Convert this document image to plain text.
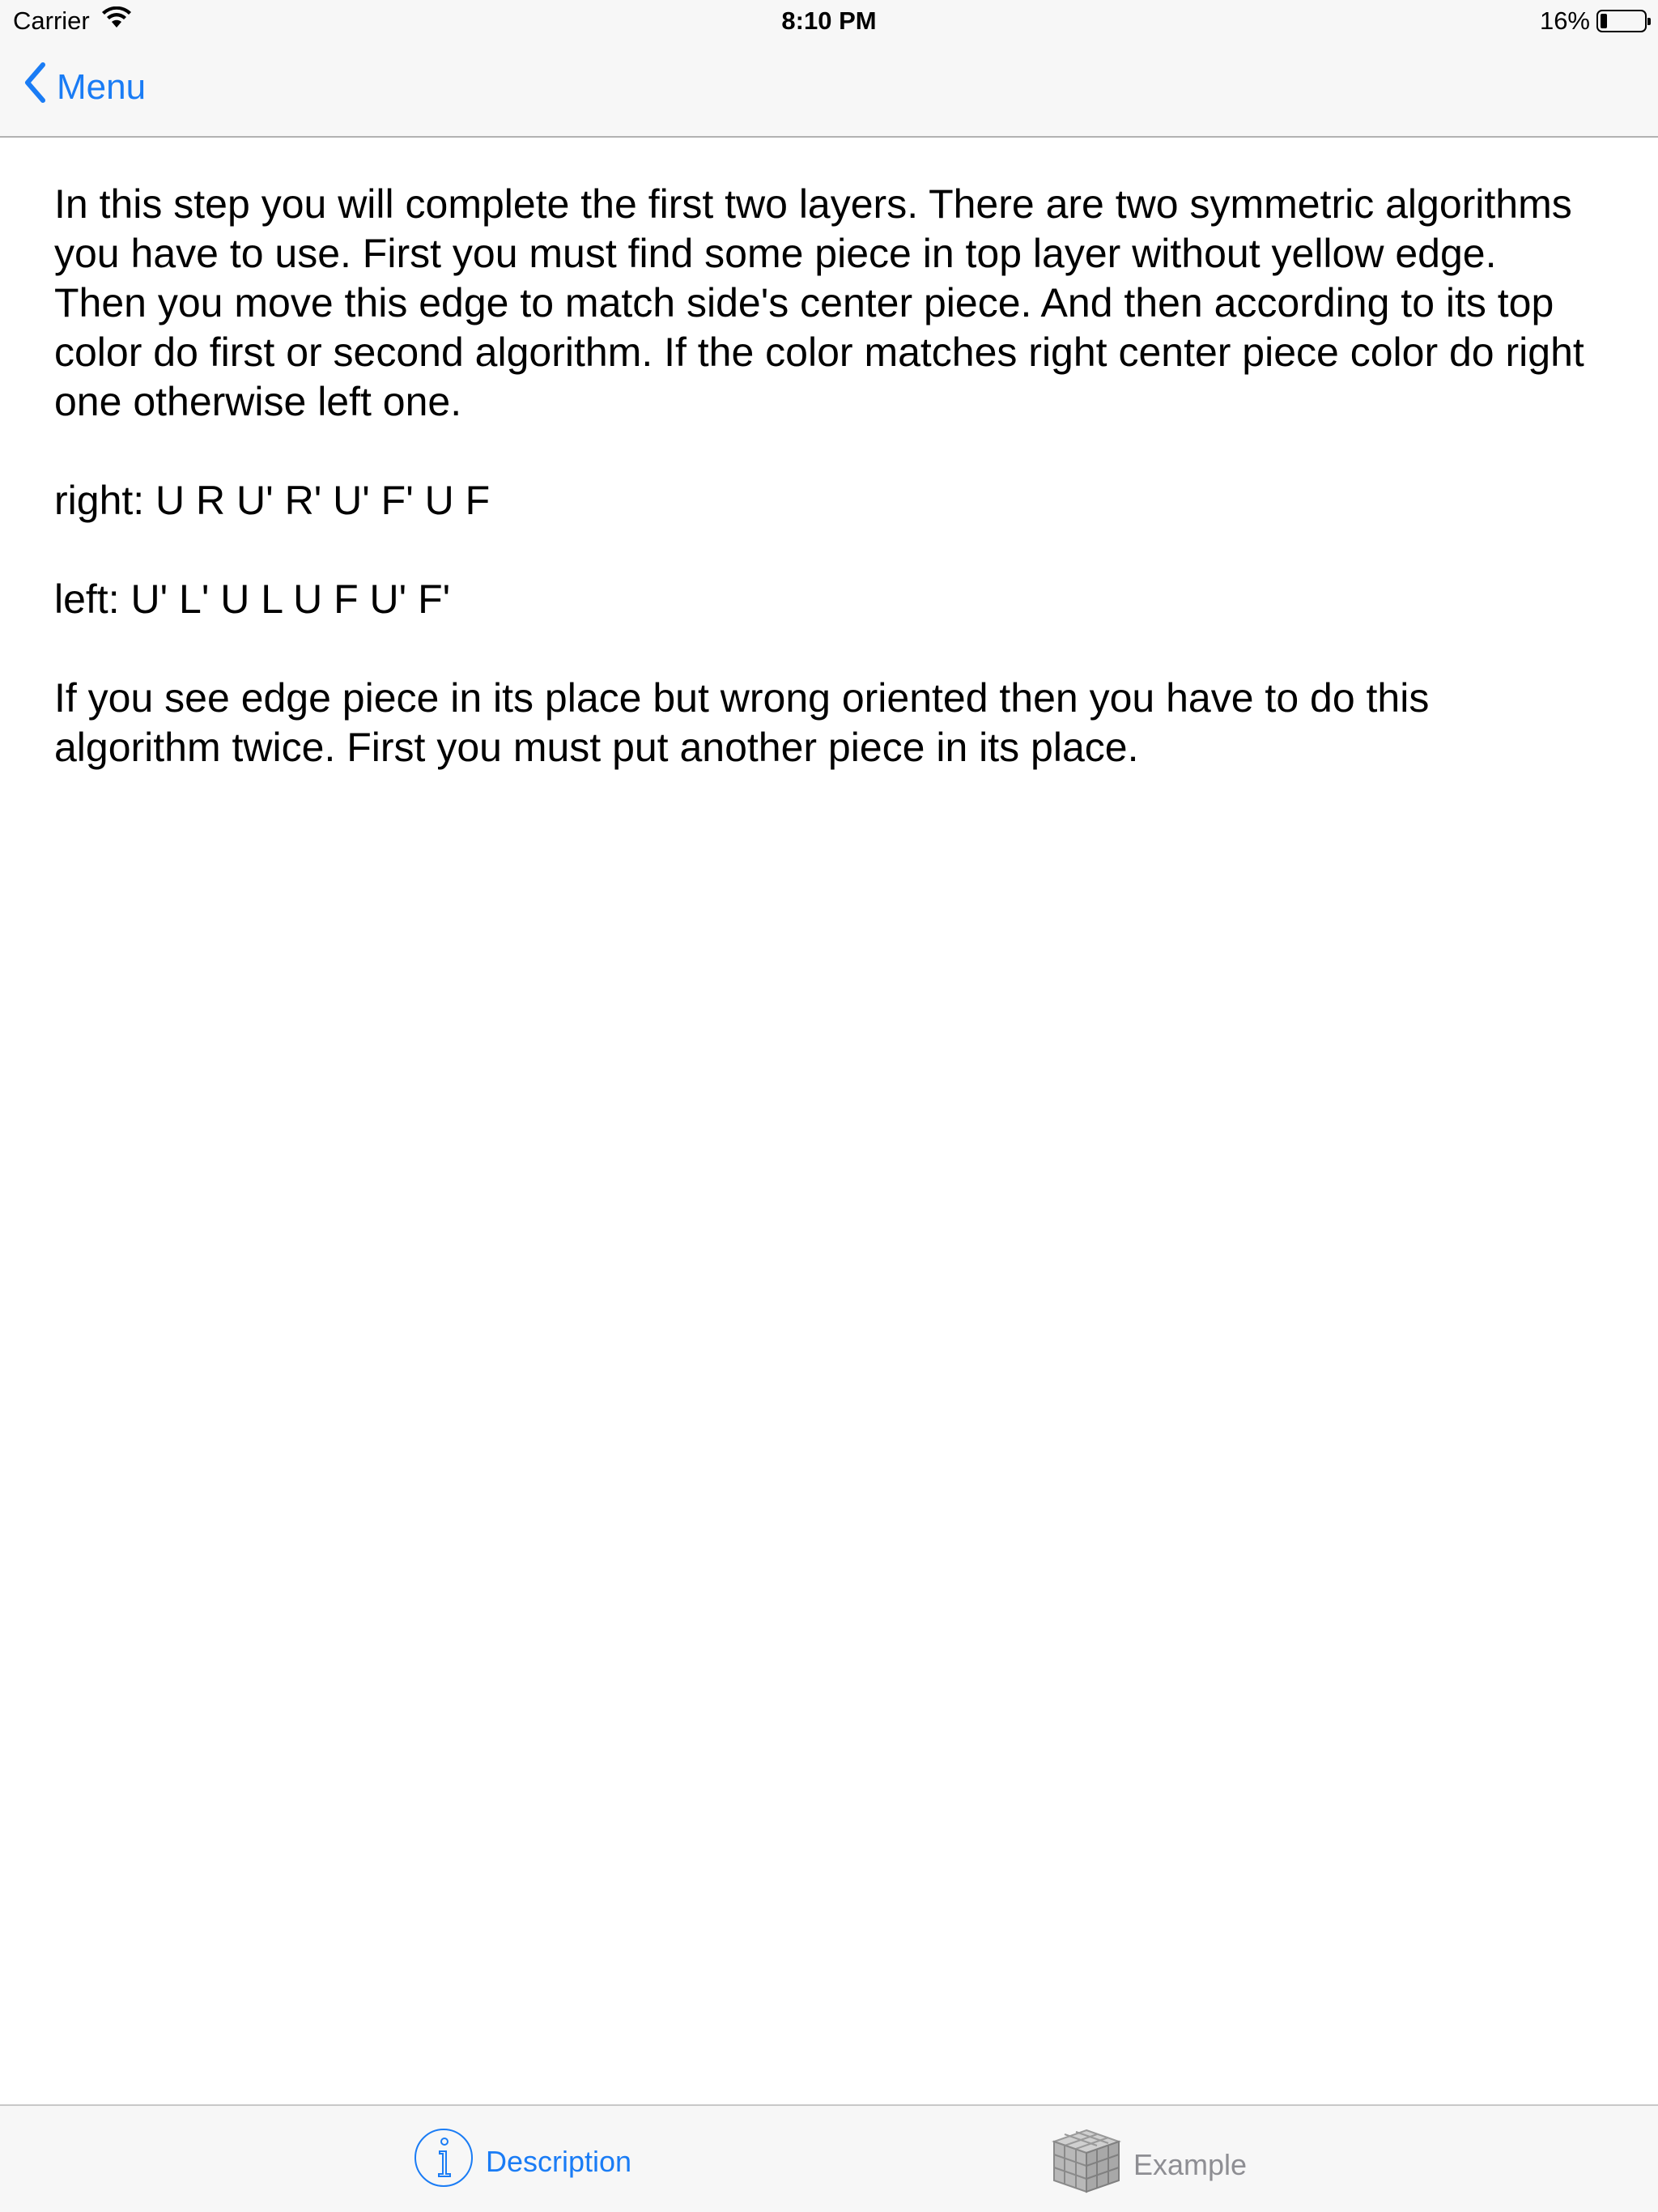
Carrier	8:10 PM	16%
Menu

In this step you will complete the first two layers. There are two symmetric algorithms you have to use. First you must find some piece in top layer without yellow edge. Then you move this edge to match side's center piece. And then according to its top color do first or second algorithm. If the color matches right center piece color do right one otherwise left one.

right: U R U' R' U' F' U F

left: U' L' U L U F U' F'

If you see edge piece in its place but wrong oriented then you have to do this algorithm twice. First you must put another piece in its place.

Description	Example
